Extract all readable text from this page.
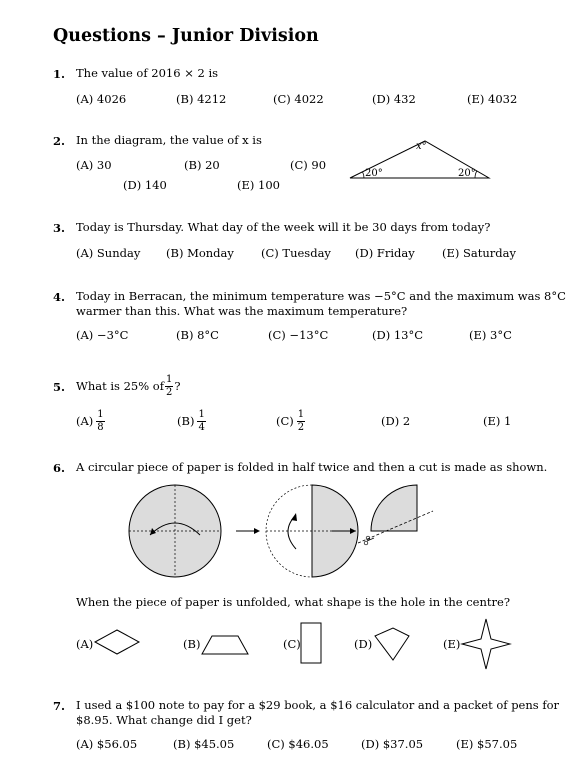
Questions – Junior Division
1. The value of 2016 × 2 is
(A) 4026	(B) 4212	(C) 4022	(D) 432	(E) 4032
2. In the diagram, the value of x is
(A) 30	(B) 20	(C) 90
(D) 140	(E) 100
x°
20°	20°
3. Today is Thursday. What day of the week will it be 30 days from today?
(A) Sunday (B) Monday (C) Tuesday (D) Friday (E) Saturday
4. Today in Berracan, the minimum temperature was −5°C and the maximum was 8°C
warmer than this. What was the maximum temperature?
(A) −3°C	(B) 8°C	(C) −13°C	(D) 13°C	(E) 3°C
5. What is 25% of $\frac{1}{2}$ ?
$(A) \frac{1}{8}$	$(B) \frac{1}{4}$	$(C) \frac{1}{2}$	(D) 2	(E) 1
6. A circular piece of paper is folded in half twice and then a cut is made as shown.
When the piece of paper is unfolded, what shape is the hole in the centre?
(A)	(B)	(C)	(D)	(E)
7. I used a $100 note to pay for a $29 book, a $16 calculator and a packet of pens for
$8.95. What change did I get?
(A) $56.05	(B) $45.05	(C) $46.05	(D) $37.05	(E) $57.05
